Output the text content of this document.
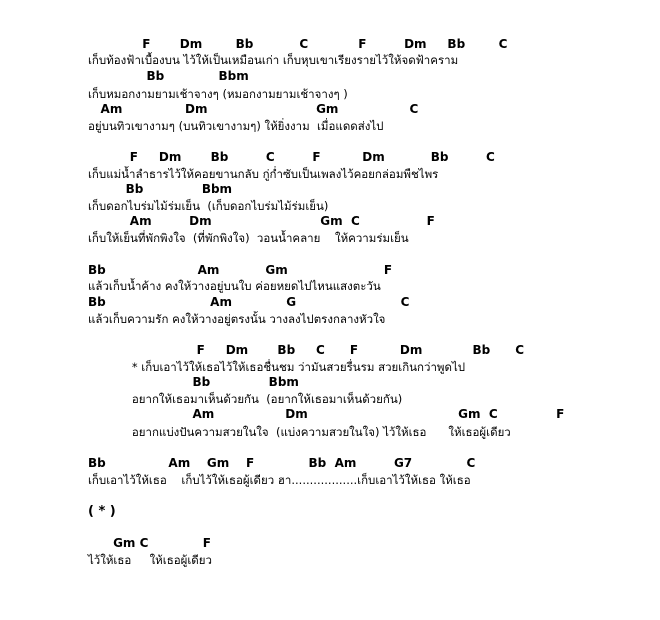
F       Dm        Bb           C            F         Dm     Bb        C
เก็บท้องฟ้าเบื้องบน ไว้ให้เป็นเหมือนเก่า เก็บหุบเขาเรียงรายไว้ให้จดฟ้าคราม
Bb             Bbm
เก็บหมอกงามยามเช้าจางๆ (หมอกงามยามเช้าจางๆ )
Am               Dm                          Gm                 C
อยู่บนทิวเขางามๆ (บนทิวเขางามๆ) ให้ยิ่งงาม  เมื่อแดดส่งไป
F     Dm       Bb         C         F          Dm           Bb         C
เก็บแม่น้ำลำธารไว้ให้คอยขานกลับ กู่ก่ำซับเป็นเพลงไว้คอยกล่อมพืชไพร
Bb              Bbm
เก็บดอกไบร่มไม้ร่มเย็น  (เก็บดอกไบร่มไม้ร่มเย็น)
Am         Dm                          Gm  C                F
เก็บให้เย็นที่พักพิงใจ  (ที่พักพิงใจ)  วอนน้ำคลาย    ให้ความร่มเย็น
Bb                      Am           Gm                       F
แล้วเก็บน้ำค้าง คงให้วางอยู่บนใบ ค่อยหยดไปไหนแสงตะวัน
Bb                         Am             G                         C
แล้วเก็บความรัก คงให้วางอยู่ตรงนั้น วางลงไปตรงกลางหัวใจ
F     Dm       Bb     C      F          Dm            Bb      C
* เก็บเอาไว้ให้เธอไว้ให้เธอชื่นชม ว่ามันสวยรื่นรม สวยเกินกว่าพูดไป
Bb              Bbm
อยากให้เธอมาเห็นด้วยกัน  (อยากให้เธอมาเห็นด้วยกัน)
Am                 Dm                                    Gm  C              F
อยากแบ่งปันความสวยในใจ  (แบ่งความสวยในใจ) ไว้ให้เธอ      ให้เธอผู้เดียว
Bb               Am    Gm    F             Bb  Am         G7             C
เก็บเอาไว้ให้เธอ    เก็บไว้ให้เธอผู้เดียว ฮา..................เก็บเอาไว้ให้เธอ ให้เธอ
( * )
Gm C             F
ไว้ให้เธอ     ให้เธอผู้เดียว
